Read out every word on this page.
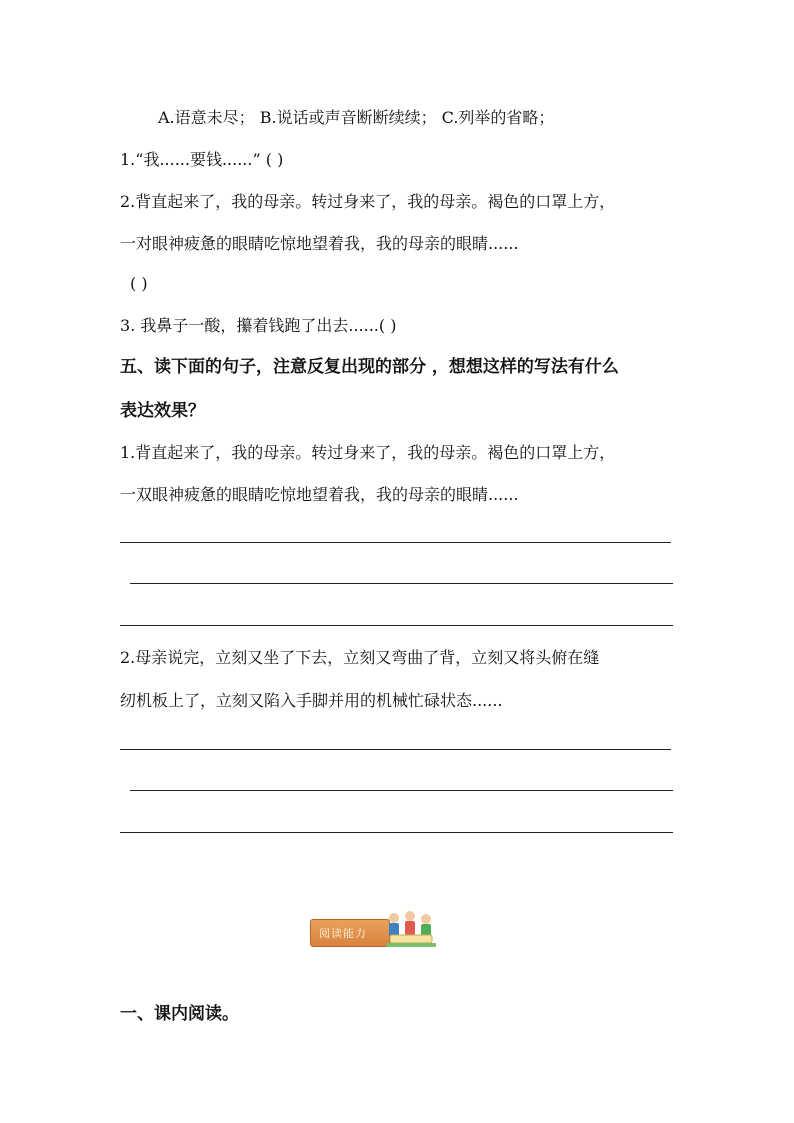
A.语意未尽； B.说话或声音断断续续； C.列举的省略；
1.“我......要钱......” ( )
2.背直起来了，我的母亲。转过身来了，我的母亲。褐色的口罩上方，
一对眼神疲惫的眼睛吃惊地望着我，我的母亲的眼睛......
( )
3. 我鼻子一酸，攥着钱跑了出去......( )
五、读下面的句子，注意反复出现的部分 ，想想这样的写法有什么
表达效果？
1.背直起来了，我的母亲。转过身来了，我的母亲。褐色的口罩上方，
一双眼神疲惫的眼睛吃惊地望着我，我的母亲的眼睛......
2.母亲说完，立刻又坐了下去，立刻又弯曲了背，立刻又将头俯在缝
纫机板上了，立刻又陷入手脚并用的机械忙碌状态......
阅读能力
一、课内阅读。
